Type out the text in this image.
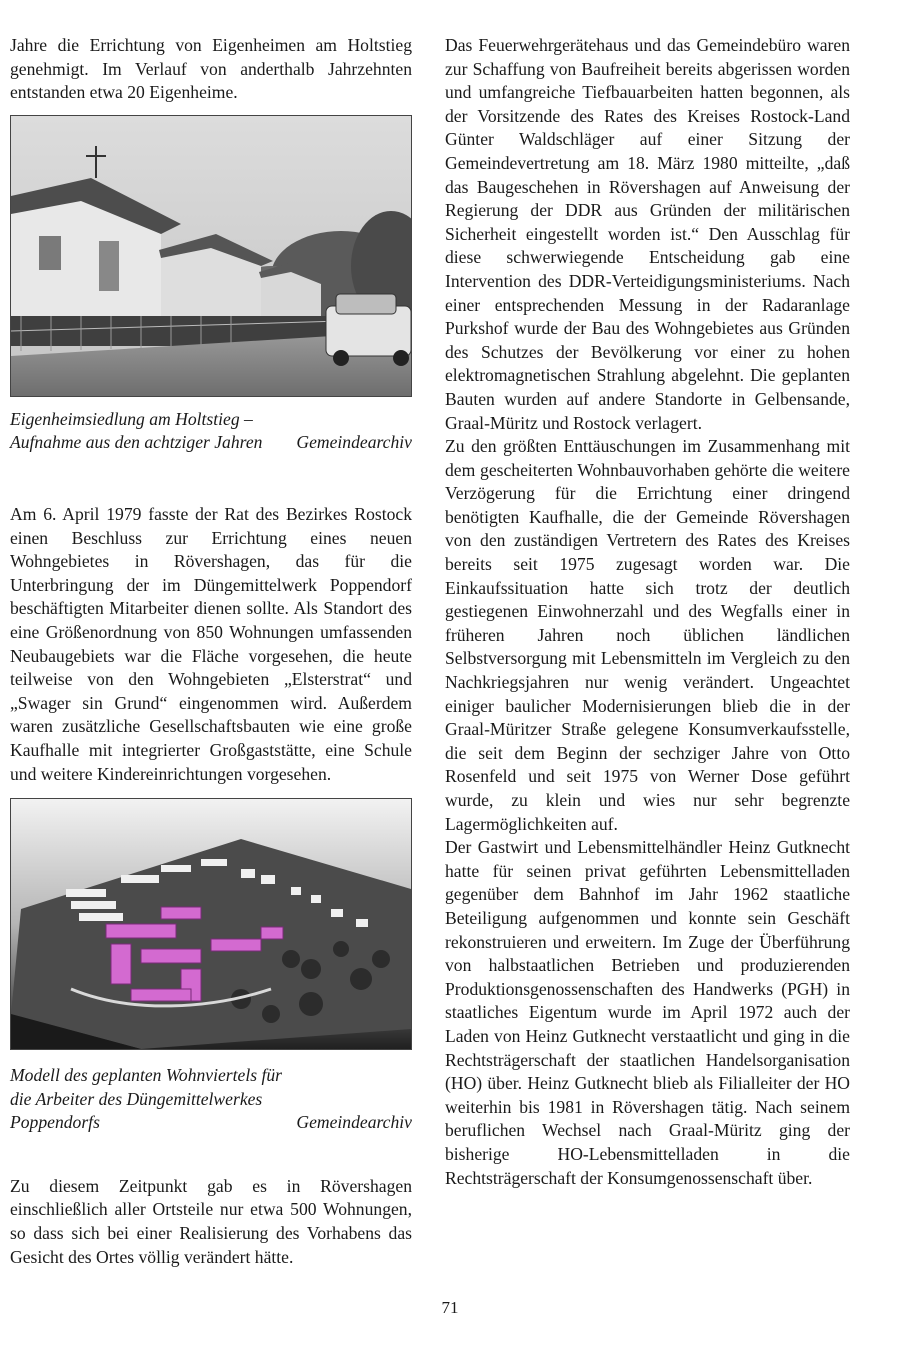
Jahre die Errichtung von Eigenheimen am Holtstieg genehmigt. Im Verlauf von anderthalb Jahrzehnten entstanden etwa 20 Eigenheime.

Eigenheimsiedlung am Holtstieg –
Aufnahme aus den achtziger Jahren Gemeindearchiv

Am 6. April 1979 fasste der Rat des Bezirkes Rostock einen Beschluss zur Errichtung eines neuen Wohngebietes in Rövershagen, das für die Unterbringung der im Düngemittelwerk Poppendorf beschäftigten Mitarbeiter dienen sollte. Als Standort des eine Größenordnung von 850 Wohnungen umfassenden Neubaugebiets war die Fläche vorgesehen, die heute teilweise von den Wohngebieten „Elsterstrat“ und „Swager sin Grund“ eingenommen wird. Außerdem waren zusätzliche Gesellschaftsbauten wie eine große Kaufhalle mit integrierter Großgaststätte, eine Schule und weitere Kindereinrichtungen vorgesehen.

Modell des geplanten Wohnviertels für
die Arbeiter des Düngemittelwerkes
Poppendorfs	Gemeindearchiv

Zu diesem Zeitpunkt gab es in Rövershagen einschließlich aller Ortsteile nur etwa 500 Wohnungen, so dass sich bei einer Realisierung des Vorhabens das Gesicht des Ortes völlig verändert hätte.

Das Feuerwehrgerätehaus und das Gemeindebüro waren zur Schaffung von Baufreiheit bereits abgerissen worden und umfangreiche Tiefbauarbeiten hatten begonnen, als der Vorsitzende des Rates des Kreises Rostock-Land Günter Waldschläger auf einer Sitzung der Gemeindevertretung am 18. März 1980 mitteilte, „daß das Baugeschehen in Rövershagen auf Anweisung der Regierung der DDR aus Gründen der militärischen Sicherheit eingestellt worden ist.“ Den Ausschlag für diese schwerwiegende Entscheidung gab eine Intervention des DDR-Verteidigungsministeriums. Nach einer entsprechenden Messung in der Radaranlage Purkshof wurde der Bau des Wohngebietes aus Gründen des Schutzes der Bevölkerung vor einer zu hohen elektromagnetischen Strahlung abgelehnt. Die geplanten Bauten wurden auf andere Standorte in Gelbensande, Graal-Müritz und Rostock verlagert.

Zu den größten Enttäuschungen im Zusammenhang mit dem gescheiterten Wohnbauvorhaben gehörte die weitere Verzögerung für die Errichtung einer dringend benötigten Kaufhalle, die der Gemeinde Rövershagen von den zuständigen Vertretern des Rates des Kreises bereits seit 1975 zugesagt worden war. Die Einkaufssituation hatte sich trotz der deutlich gestiegenen Einwohnerzahl und des Wegfalls einer in früheren Jahren noch üblichen ländlichen Selbstversorgung mit Lebensmitteln im Vergleich zu den Nachkriegsjahren nur wenig verändert. Ungeachtet einiger baulicher Modernisierungen blieb die in der Graal-Müritzer Straße gelegene Konsumverkaufsstelle, die seit dem Beginn der sechziger Jahre von Otto Rosenfeld und seit 1975 von Werner Dose geführt wurde, zu klein und wies nur sehr begrenzte Lagermöglichkeiten auf.

Der Gastwirt und Lebensmittelhändler Heinz Gutknecht hatte für seinen privat geführten Lebensmittelladen gegenüber dem Bahnhof im Jahr 1962 staatliche Beteiligung aufgenommen und konnte sein Geschäft rekonstruieren und erweitern. Im Zuge der Überführung von halbstaatlichen Betrieben und produzierenden Produktionsgenossenschaften des Handwerks (PGH) in staatliches Eigentum wurde im April 1972 auch der Laden von Heinz Gutknecht verstaatlicht und ging in die Rechtsträgerschaft der staatlichen Handelsorganisation (HO) über. Heinz Gutknecht blieb als Filialleiter der HO weiterhin bis 1981 in Rövershagen tätig. Nach seinem beruflichen Wechsel nach Graal-Müritz ging der bisherige HO-Lebensmittelladen in die Rechtsträgerschaft der Konsumgenossenschaft über.

71
